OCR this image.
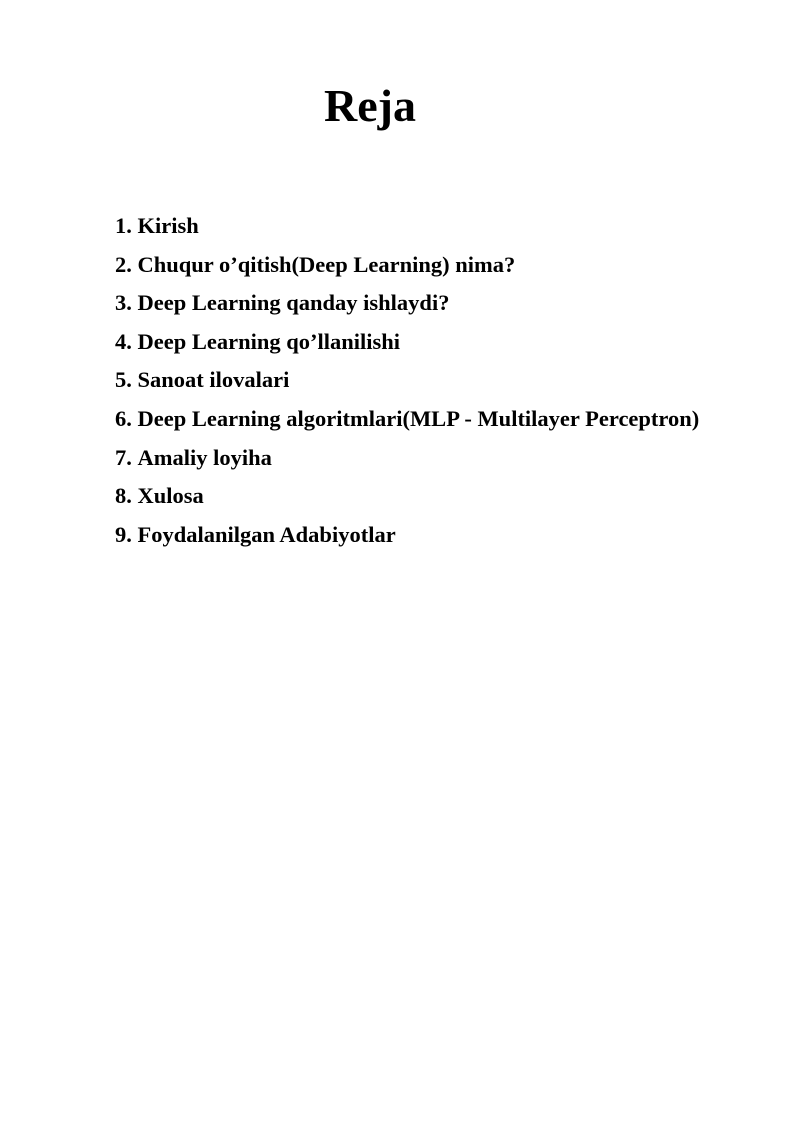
Reja
1. Kirish
2. Chuqur o’qitish(Deep Learning) nima?
3. Deep Learning qanday ishlaydi?
4. Deep Learning qo’llanilishi
5. Sanoat ilovalari
6. Deep Learning algoritmlari(MLP - Multilayer Perceptron)
7. Amaliy loyiha
8. Xulosa
9. Foydalanilgan Adabiyotlar
